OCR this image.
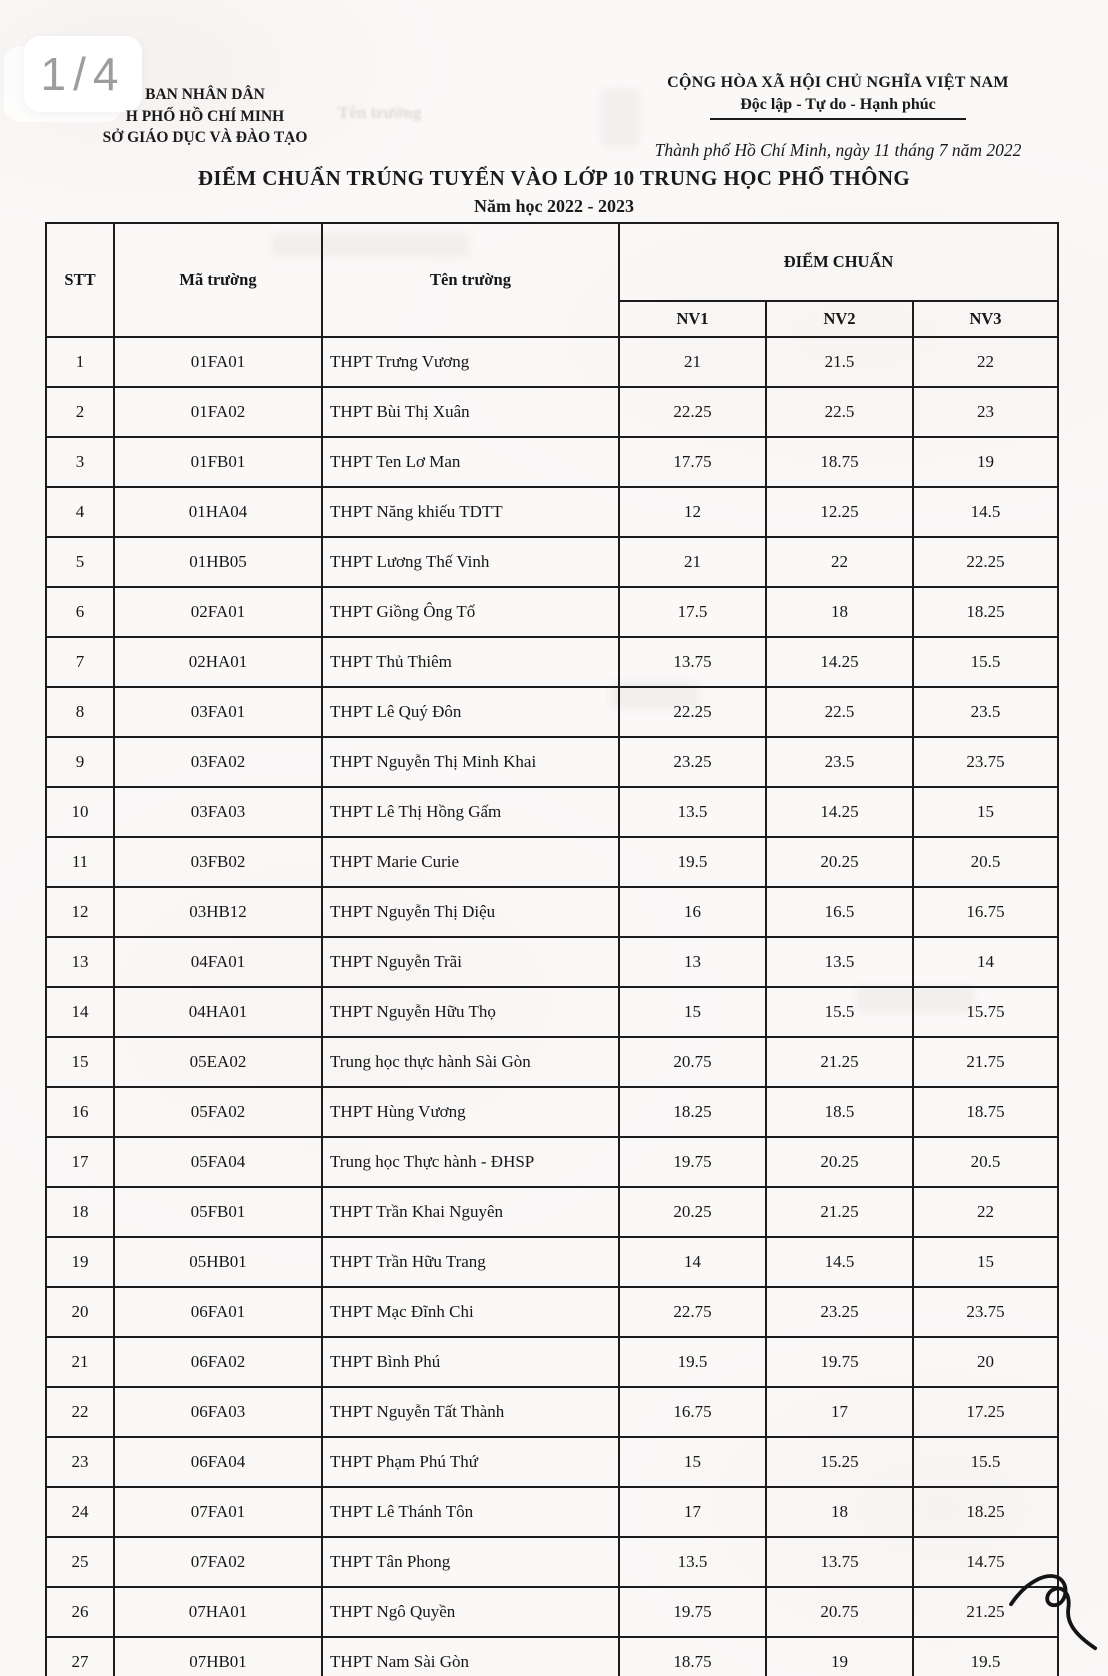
Tên trường
1/4	BAN NHÂN DÂN
H PHỐ HỒ CHÍ MINH
SỞ GIÁO DỤC VÀ ĐÀO TẠO
CỘNG HÒA XÃ HỘI CHỦ NGHĨA VIỆT NAM
Độc lập - Tự do - Hạnh phúc
Thành phố Hồ Chí Minh, ngày 11 tháng 7 năm 2022
ĐIỂM CHUẨN TRÚNG TUYỂN VÀO LỚP 10 TRUNG HỌC PHỔ THÔNG
Năm học 2022 - 2023
STT	Mã trường	Tên trường	ĐIỂM CHUẨN		
			NV1	NV2	NV3
1	01FA01	THPT Trưng Vương	21	21.5	22
2	01FA02	THPT Bùi Thị Xuân	22.25	22.5	23
3	01FB01	THPT Ten Lơ Man	17.75	18.75	19
4	01HA04	THPT Năng khiếu TDTT	12	12.25	14.5
5	01HB05	THPT Lương Thế Vinh	21	22	22.25
6	02FA01	THPT Giồng Ông Tố	17.5	18	18.25
7	02HA01	THPT Thủ Thiêm	13.75	14.25	15.5
8	03FA01	THPT Lê Quý Đôn	22.25	22.5	23.5
9	03FA02	THPT Nguyễn Thị Minh Khai	23.25	23.5	23.75
10	03FA03	THPT Lê Thị Hồng Gấm	13.5	14.25	15
11	03FB02	THPT Marie Curie	19.5	20.25	20.5
12	03HB12	THPT Nguyễn Thị Diệu	16	16.5	16.75
13	04FA01	THPT Nguyễn Trãi	13	13.5	14
14	04HA01	THPT Nguyễn Hữu Thọ	15	15.5	15.75
15	05EA02	Trung học thực hành Sài Gòn	20.75	21.25	21.75
16	05FA02	THPT Hùng Vương	18.25	18.5	18.75
17	05FA04	Trung học Thực hành - ĐHSP	19.75	20.25	20.5
18	05FB01	THPT Trần Khai Nguyên	20.25	21.25	22
19	05HB01	THPT Trần Hữu Trang	14	14.5	15
20	06FA01	THPT Mạc Đĩnh Chi	22.75	23.25	23.75
21	06FA02	THPT Bình Phú	19.5	19.75	20
22	06FA03	THPT Nguyễn Tất Thành	16.75	17	17.25
23	06FA04	THPT Phạm Phú Thứ	15	15.25	15.5
24	07FA01	THPT Lê Thánh Tôn	17	18	18.25
25	07FA02	THPT Tân Phong	13.5	13.75	14.75
26	07HA01	THPT Ngô Quyền	19.75	20.75	21.25
27	07HB01	THPT Nam Sài Gòn	18.75	19	19.5
